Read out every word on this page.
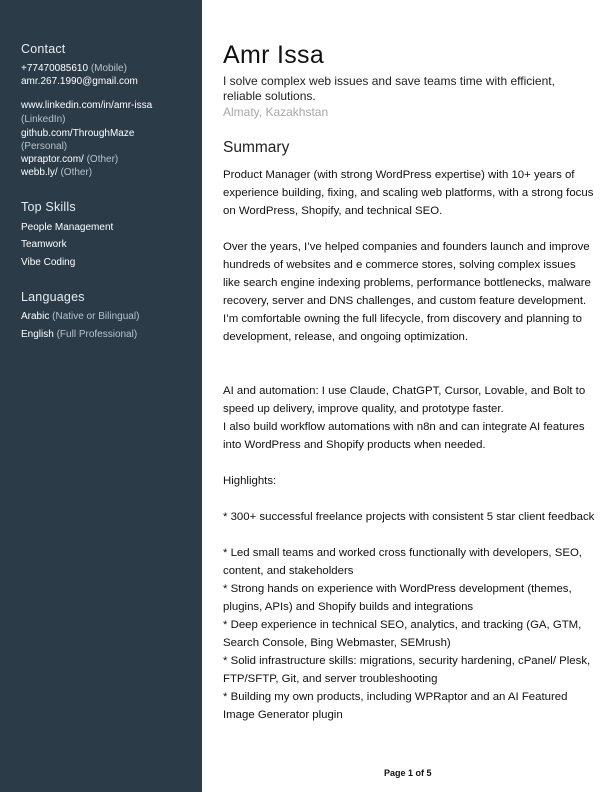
Contact
+77470085610 (Mobile)
amr.267.1990@gmail.com
www.linkedin.com/in/amr-issa
(LinkedIn)
github.com/ThroughMaze
(Personal)
wpraptor.com/ (Other)
webb.ly/ (Other)
Top Skills
People Management
Teamwork
Vibe Coding
Languages
Arabic (Native or Bilingual)
English (Full Professional)
Amr Issa
I solve complex web issues and save teams time with efficient, reliable solutions.
Almaty, Kazakhstan
Summary

Product Manager (with strong WordPress expertise) with 10+ years of experience building, fixing, and scaling web platforms, with a strong focus on WordPress, Shopify, and technical SEO.

Over the years, I’ve helped companies and founders launch and improve hundreds of websites and e commerce stores, solving complex issues like search engine indexing problems, performance bottlenecks, malware recovery, server and DNS challenges, and custom feature development. I’m comfortable owning the full lifecycle, from discovery and planning to development, release, and ongoing optimization.

AI and automation: I use Claude, ChatGPT, Cursor, Lovable, and Bolt to speed up delivery, improve quality, and prototype faster.

I also build workflow automations with n8n and can integrate AI features into WordPress and Shopify products when needed.

Highlights:

* 300+ successful freelance projects with consistent 5 star client feedback

* Led small teams and worked cross functionally with developers, SEO, content, and stakeholders

* Strong hands on experience with WordPress development (themes, plugins, APIs) and Shopify builds and integrations

* Deep experience in technical SEO, analytics, and tracking (GA, GTM, Search Console, Bing Webmaster, SEMrush)

* Solid infrastructure skills: migrations, security hardening, cPanel/ Plesk, FTP/SFTP, Git, and server troubleshooting

* Building my own products, including WPRaptor and an AI Featured Image Generator plugin

Page 1 of 5
